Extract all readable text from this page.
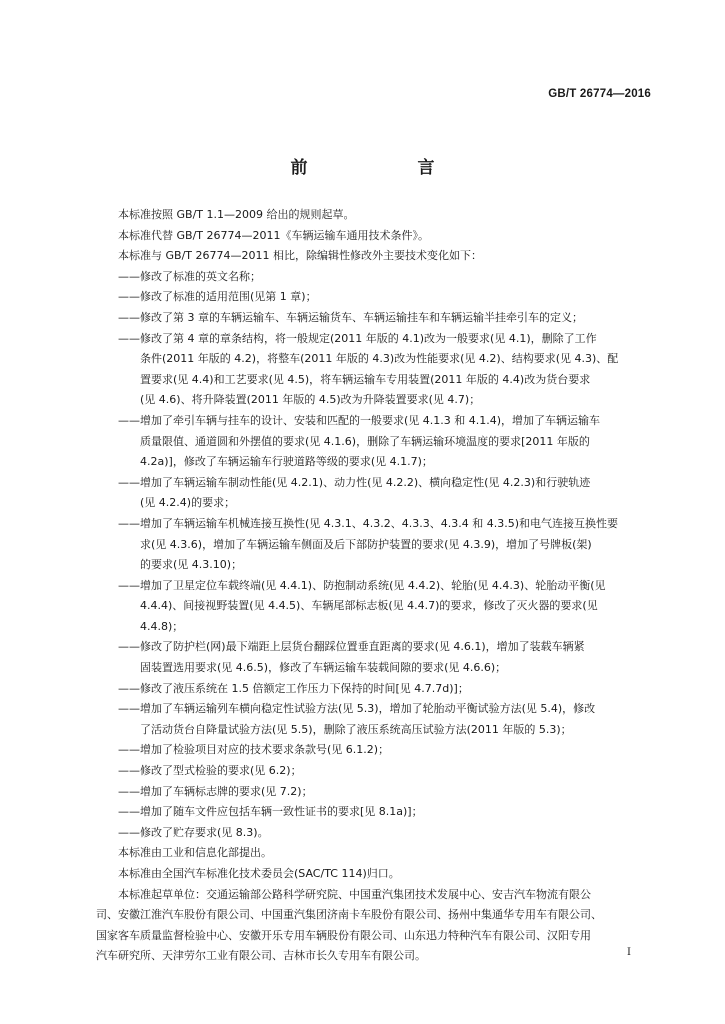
GB/T 26774—2016
前 言

　　本标准按照 GB/T 1.1—2009 给出的规则起草。

　　本标准代替 GB/T 26774—2011《车辆运输车通用技术条件》。

　　本标准与 GB/T 26774—2011 相比，除编辑性修改外主要技术变化如下：

　　——修改了标准的英文名称；

　　——修改了标准的适用范围(见第 1 章)；

　　——修改了第 3 章的车辆运输车、车辆运输货车、车辆运输挂车和车辆运输半挂牵引车的定义；

　　——修改了第 4 章的章条结构，将一般规定(2011 年版的 4.1)改为一般要求(见 4.1)，删除了工作

　　　　条件(2011 年版的 4.2)，将整车(2011 年版的 4.3)改为性能要求(见 4.2)、结构要求(见 4.3)、配

　　　　置要求(见 4.4)和工艺要求(见 4.5)，将车辆运输车专用装置(2011 年版的 4.4)改为货台要求

　　　　(见 4.6)、将升降装置(2011 年版的 4.5)改为升降装置要求(见 4.7)；

　　——增加了牵引车辆与挂车的设计、安装和匹配的一般要求(见 4.1.3 和 4.1.4)，增加了车辆运输车

　　　　质量限值、通道圆和外摆值的要求(见 4.1.6)，删除了车辆运输环境温度的要求[2011 年版的

　　　　4.2a)]，修改了车辆运输车行驶道路等级的要求(见 4.1.7)；

　　——增加了车辆运输车制动性能(见 4.2.1)、动力性(见 4.2.2)、横向稳定性(见 4.2.3)和行驶轨迹

　　　　(见 4.2.4)的要求；

　　——增加了车辆运输车机械连接互换性(见 4.3.1、4.3.2、4.3.3、4.3.4 和 4.3.5)和电气连接互换性要

　　　　求(见 4.3.6)，增加了车辆运输车侧面及后下部防护装置的要求(见 4.3.9)，增加了号牌板(架)

　　　　的要求(见 4.3.10)；

　　——增加了卫星定位车载终端(见 4.4.1)、防抱制动系统(见 4.4.2)、轮胎(见 4.4.3)、轮胎动平衡(见

　　　　4.4.4)、间接视野装置(见 4.4.5)、车辆尾部标志板(见 4.4.7)的要求，修改了灭火器的要求(见

　　　　4.4.8)；

　　——修改了防护栏(网)最下端距上层货台翻踩位置垂直距离的要求(见 4.6.1)，增加了装载车辆紧

　　　　固装置选用要求(见 4.6.5)，修改了车辆运输车装载间隙的要求(见 4.6.6)；

　　——修改了液压系统在 1.5 倍额定工作压力下保持的时间[见 4.7.7d)]；

　　——增加了车辆运输列车横向稳定性试验方法(见 5.3)，增加了轮胎动平衡试验方法(见 5.4)，修改

　　　　了活动货台自降量试验方法(见 5.5)，删除了液压系统高压试验方法(2011 年版的 5.3)；

　　——增加了检验项目对应的技术要求条款号(见 6.1.2)；

　　——修改了型式检验的要求(见 6.2)；

　　——增加了车辆标志牌的要求(见 7.2)；

　　——增加了随车文件应包括车辆一致性证书的要求[见 8.1a)]；

　　——修改了贮存要求(见 8.3)。

　　本标准由工业和信息化部提出。

　　本标准由全国汽车标准化技术委员会(SAC/TC 114)归口。

　　本标准起草单位：交通运输部公路科学研究院、中国重汽集团技术发展中心、安吉汽车物流有限公

司、安徽江淮汽车股份有限公司、中国重汽集团济南卡车股份有限公司、扬州中集通华专用车有限公司、

国家客车质量监督检验中心、安徽开乐专用车辆股份有限公司、山东迅力特种汽车有限公司、汉阳专用

汽车研究所、天津劳尔工业有限公司、吉林市长久专用车有限公司。	I
